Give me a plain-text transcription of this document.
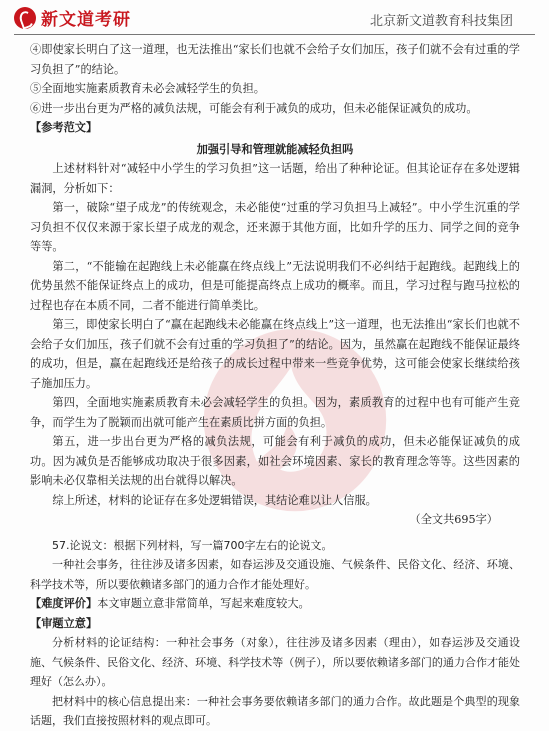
新文道考研	北京新文道教育科技集团

④即使家长明白了这一道理，也无法推出“家长们也就不会给子女们加压，孩子们就不会有过重的学习负担了”的结论。

⑤全面地实施素质教育未必会减轻学生的负担。

⑥进一步出台更为严格的减负法规，可能会有利于减负的成功，但未必能保证减负的成功。

【参考范文】

加强引导和管理就能减轻负担吗

上述材料针对“减轻中小学生的学习负担”这一话题，给出了种种论证。但其论证存在多处逻辑漏洞，分析如下：

第一，破除“望子成龙”的传统观念，未必能使“过重的学习负担马上减轻”。中小学生沉重的学习负担不仅仅来源于家长望子成龙的观念，还来源于其他方面，比如升学的压力、同学之间的竞争等等。

第二，“不能输在起跑线上未必能赢在终点线上”无法说明我们不必纠结于起跑线。起跑线上的优势虽然不能保证终点上的成功，但是可能提高终点上成功的概率。而且，学习过程与跑马拉松的过程也存在本质不同，二者不能进行简单类比。

第三，即使家长明白了“赢在起跑线未必能赢在终点线上”这一道理，也无法推出“家长们也就不会给子女们加压，孩子们就不会有过重的学习负担了”的结论。因为，虽然赢在起跑线不能保证最终的成功，但是，赢在起跑线还是给孩子的成长过程中带来一些竞争优势，这可能会使家长继续给孩子施加压力。

第四，全面地实施素质教育未必会减轻学生的负担。因为，素质教育的过程中也有可能产生竞争，而学生为了脱颖而出就可能产生在素质比拼方面的负担。

第五，进一步出台更为严格的减负法规，可能会有利于减负的成功，但未必能保证减负的成功。因为减负是否能够成功取决于很多因素，如社会环境因素、家长的教育理念等等。这些因素的影响未必仅靠相关法规的出台就得以解决。

综上所述，材料的论证存在多处逻辑错误，其结论难以让人信服。

（全文共695字）

57.论说文：根据下列材料，写一篇700字左右的论说文。

一种社会事务，往往涉及诸多因素，如春运涉及交通设施、气候条件、民俗文化、经济、环境、科学技术等，所以要依赖诸多部门的通力合作才能处理好。

【难度评价】本文审题立意非常简单，写起来难度较大。

【审题立意】

分析材料的论证结构：一种社会事务（对象），往往涉及诸多因素（理由），如春运涉及交通设施、气候条件、民俗文化、经济、环境、科学技术等（例子），所以要依赖诸多部门的通力合作才能处理好（怎么办）。

把材料中的核心信息提出来：一种社会事务要依赖诸多部门的通力合作。故此题是个典型的现象话题，我们直接按照材料的观点即可。
